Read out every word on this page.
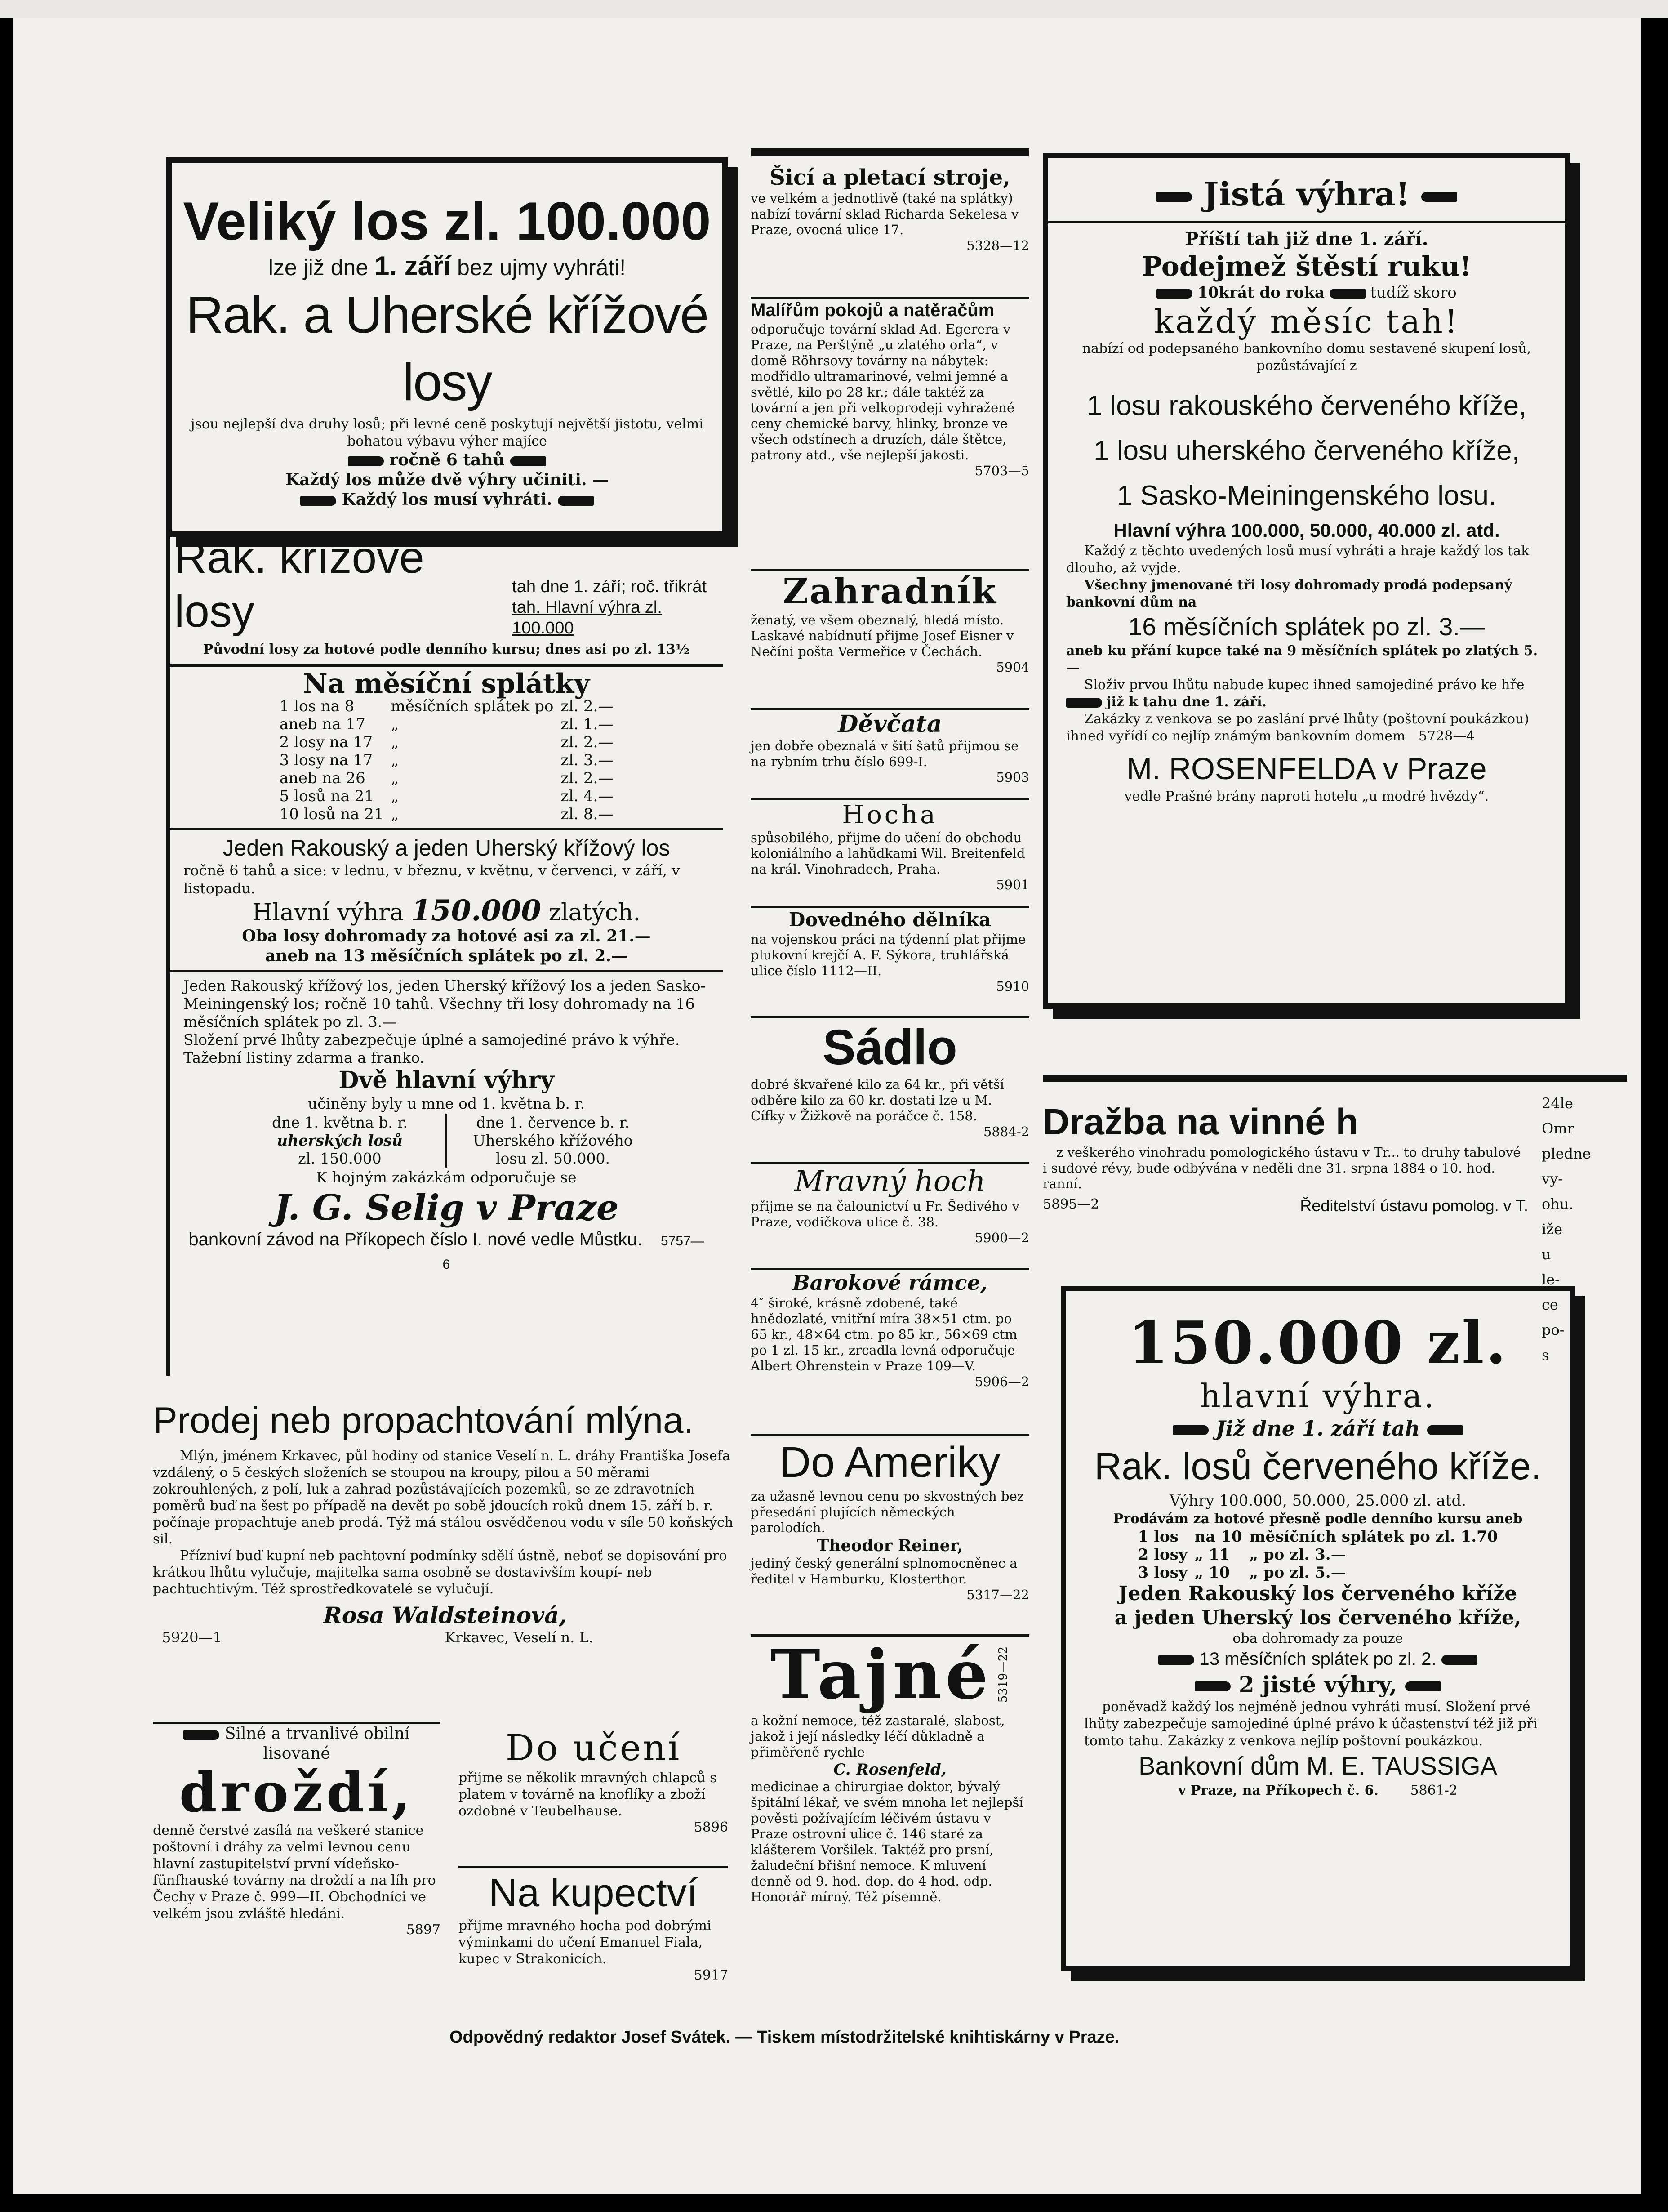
Veliký los zl. 100.000
lze již dne 1. září bez ujmy vyhráti!
Rak. a Uherské křížové losy
jsou nejlepší dva druhy losů; při levné ceně poskytují největší jistotu, velmi bohatou výbavu výher majíce
ročně 6 tahů
Každý los může dvě výhry učiniti. —
Každý los musí vyhráti.
Rak. křížové losy	tah dne 1. září; roč. třikrát
tah. Hlavní výhra zl. 100.000
Původní losy za hotové podle denního kursu; dnes asi po zl. 13½
Na měsíční splátky
1 los na 8	měsíčních splátek po	zl. 2.—
aneb na 17	„	zl. 1.—
2 losy na 17	„	zl. 2.—
3 losy na 17	„	zl. 3.—
aneb na 26	„	zl. 2.—
5 losů na 21	„	zl. 4.—
10 losů na 21	„	zl. 8.—
Jeden Rakouský a jeden Uherský křížový los
ročně 6 tahů a sice: v lednu, v březnu, v květnu, v červenci, v září, v listopadu.
Hlavní výhra 150.000 zlatých.
Oba losy dohromady za hotové asi za zl. 21.—
aneb na 13 měsíčních splátek po zl. 2.—
Jeden Rakouský křížový los, jeden Uherský křížový los a jeden Sasko-Meiningenský los; ročně 10 tahů. Všechny tři losy dohromady na 16 měsíčních splátek po zl. 3.—
Složení prvé lhůty zabezpečuje úplné a samojediné právo k výhře. Tažební listiny zdarma a franko.
Dvě hlavní výhry
učiněny byly u mne od 1. května b. r.
dne 1. května b. r.
uherských losů
zl. 150.000
dne 1. července b. r.
Uherského křížového
losu zl. 50.000.
K hojným zakázkám odporučuje se
J. G. Selig v Praze
bankovní závod na Příkopech číslo I. nové vedle Můstku. 5757—6
Prodej neb propachtování mlýna.
Mlýn, jménem Krkavec, půl hodiny od stanice Veselí n. L. dráhy Františka Josefa vzdálený, o 5 českých složeních se stoupou na kroupy, pilou a 50 měrami zokrouhlených, z polí, luk a zahrad pozůstávajících pozemků, se ze zdravotních poměrů buď na šest po případě na devět po sobě jdoucích roků dnem 15. září b. r. počínaje propachtuje aneb prodá. Týž má stálou osvědčenou vodu v síle 50 koňských sil.
Přízniví buď kupní neb pachtovní podmínky sdělí ústně, neboť se dopisování pro krátkou lhůtu vylučuje, majitelka sama osobně se dostavivším koupí- neb pachtuchtivým. Též sprostředkovatelé se vylučují.
Rosa Waldsteinová,
5920—1	Krkavec, Veselí n. L.
Silné a trvanlivé obilní lisované
droždí,
denně čerstvé zasílá na veškeré stanice poštovní i dráhy za velmi levnou cenu hlavní zastupitelství první vídeňsko-fünfhauské továrny na droždí a na líh pro Čechy v Praze č. 999—II. Obchodníci ve velkém jsou zvláště hledáni.
5897
Do učení
přijme se několik mravných chlapců s platem v továrně na knoflíky a zboží ozdobné v Teubelhause.
5896
Na kupectví
přijme mravného hocha pod dobrými výminkami do učení Emanuel Fiala, kupec v Strakonicích.
5917
Šicí a pletací stroje,
ve velkém a jednotlivě (také na splátky) nabízí tovární sklad Richarda Sekelesa v Praze, ovocná ulice 17.
5328—12
Malířům pokojů a natěračům
odporučuje tovární sklad Ad. Egerera v Praze, na Perštýně „u zlatého orla“, v domě Röhrsovy továrny na nábytek: modřidlo ultramarinové, velmi jemné a světlé, kilo po 28 kr.; dále taktéž za tovární a jen při velkoprodeji vyhražené ceny chemické barvy, hlinky, bronze ve všech odstínech a druzích, dále štětce, patrony atd., vše nejlepší jakosti.
5703—5
Zahradník
ženatý, ve všem obeznalý, hledá místo. Laskavé nabídnutí přijme Josef Eisner v Nečíni pošta Vermeřice v Čechách.
5904
Děvčata
jen dobře obeznalá v šití šatů přijmou se na rybním trhu číslo 699-I.
5903
Hocha
spůsobilého, přijme do učení do obchodu koloniálního a lahůdkami Wil. Breitenfeld na král. Vinohradech, Praha.
5901
Dovedného dělníka
na vojenskou práci na týdenní plat přijme plukovní krejčí A. F. Sýkora, truhlářská ulice číslo 1112—II.
5910
Sádlo
dobré škvařené kilo za 64 kr., při větší odběre kilo za 60 kr. dostati lze u M. Cífky v Žižkově na poráčce č. 158.
5884-2
Mravný hoch
přijme se na čalounictví u Fr. Šedivého v Praze, vodičkova ulice č. 38.
5900—2
Barokové rámce,
4″ široké, krásně zdobené, také hnědozlaté, vnitřní míra 38×51 ctm. po 65 kr., 48×64 ctm. po 85 kr., 56×69 ctm po 1 zl. 15 kr., zrcadla levná odporučuje Albert Ohrenstein v Praze 109—V.
5906—2
Do Ameriky
za užasně levnou cenu po skvostných bez přesedání plujících německých parolodích.
Theodor Reiner,
jediný český generální splnomocněnec a ředitel v Hamburku, Klosterthor.
5317—22
Tajné 5319—22
a kožní nemoce, též zastaralé, slabost, jakož i její následky léčí důkladně a přiměřeně rychle
C. Rosenfeld,
medicinae a chirurgiae doktor, bývalý špitální lékař, ve svém mnoha let nejlepší pověsti požívajícím léčivém ústavu v Praze ostrovní ulice č. 146 staré za klášterem Voršilek. Taktéž pro prsní, žaludeční břišní nemoce. K mluvení denně od 9. hod. dop. do 4 hod. odp. Honorář mírný. Též písemně.
Jistá výhra!
Příští tah již dne 1. září.
Podejmež štěstí ruku!
10krát do roka	tudíž skoro
každý měsíc tah!
nabízí od podepsaného bankovního domu sestavené skupení losů, pozůstávající z
1 losu rakouského červeného kříže,
1 losu uherského červeného kříže,
1 Sasko-Meiningenského losu.
Hlavní výhra 100.000, 50.000, 40.000 zl. atd.
Každý z těchto uvedených losů musí vyhráti a hraje každý los tak dlouho, až vyjde.
Všechny jmenované tři losy dohromady prodá podepsaný bankovní dům na
16 měsíčních splátek po zl. 3.—
aneb ku přání kupce také na 9 měsíčních splátek po zlatých 5.—
Složiv prvou lhůtu nabude kupec ihned samojediné právo ke hře  již k tahu dne 1. září.
Zakázky z venkova se po zaslání prvé lhůty (poštovní poukázkou) ihned vyřídí co nejlíp známým bankovním domem 5728—4
M. ROSENFELDA v Praze
vedle Prašné brány naproti hotelu „u modré hvězdy“.
Dražba na vinné h
z veškerého vinohradu pomologického ústavu v Tr... to druhy tabulové i sudové révy, bude odbývána v neděli dne 31. srpna 1884 o 10. hod. ranní.
5895—2	Ředitelství ústavu pomolog. v T.
24le
Omr
pledne
vy-
ohu.
iže
u
le-
ce
po-
s
150.000 zl.
hlavní výhra.
Již dne 1. září tah
Rak. losů červeného kříže.
Výhry 100.000, 50.000, 25.000 zl. atd.
Prodávám za hotové přesně podle denního kursu aneb
1 los	na 10	měsíčních splátek po zl. 1.70
2 losy	„ 11	„ po zl. 3.—
3 losy	„ 10	„ po zl. 5.—
Jeden Rakouský los červeného kříže
a jeden Uherský los červeného kříže,
oba dohromady za pouze
13 měsíčních splátek po zl. 2.
2 jisté výhry,
poněvadž každý los nejméně jednou vyhráti musí. Složení prvé lhůty zabezpečuje samojediné úplné právo k účastenství též již při tomto tahu. Zakázky z venkova nejlíp poštovní poukázkou.
Bankovní dům M. E. TAUSSIGA
v Praze, na Příkopech č. 6. 5861-2
Odpovědný redaktor Josef Svátek. — Tiskem místodržitelské knihtiskárny v Praze.
